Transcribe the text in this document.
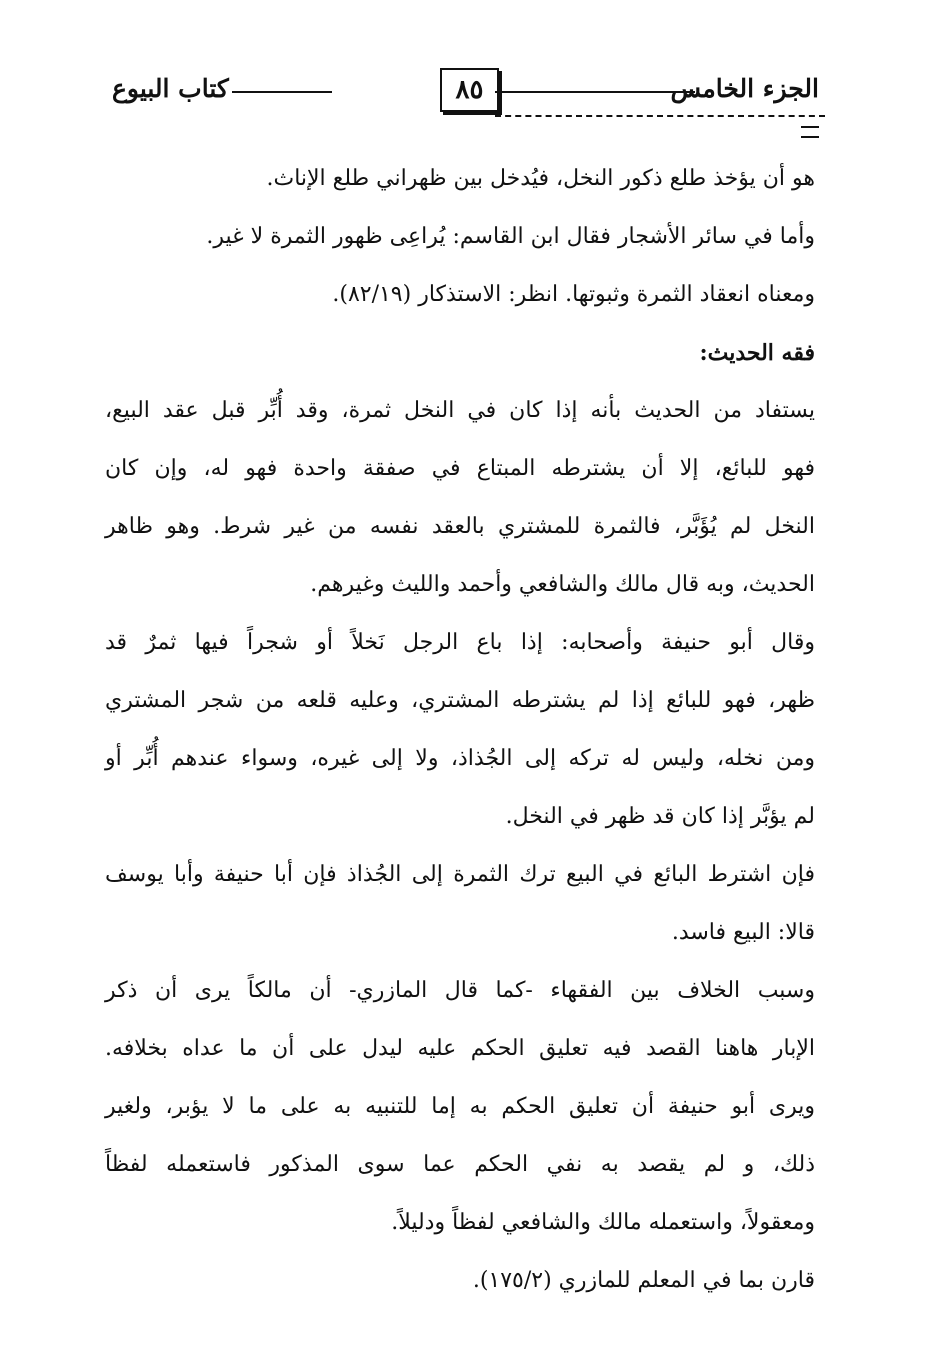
الجزء الخامس
٨٥
كتاب البيوع
هو أن يؤخذ طلع ذكور النخل، فيُدخل بين ظهراني طلع الإناث.
وأما في سائر الأشجار فقال ابن القاسم: يُراعِى ظهور الثمرة لا غير.
ومعناه انعقاد الثمرة وثبوتها. انظر: الاستذكار (٨٢/١٩).
فقه الحديث:
يستفاد من الحديث بأنه إذا كان في النخل ثمرة، وقد أُبِّر قبل عقد البيع،
فهو للبائع، إلا أن يشترطه المبتاع في صفقة واحدة فهو له، وإن كان
النخل لم يُؤَبَّر، فالثمرة للمشتري بالعقد نفسه من غير شرط. وهو ظاهر
الحديث، وبه قال مالك والشافعي وأحمد والليث وغيرهم.
وقال أبو حنيفة وأصحابه: إذا باع الرجل نَخلاً أو شجراً فيها ثمرٌ قد
ظهر، فهو للبائع إذا لم يشترطه المشتري، وعليه قلعه من شجر المشتري
ومن نخله، وليس له تركه إلى الجُذاذ، ولا إلى غيره، وسواء عندهم أُبِّر أو
لم يؤبَّر إذا كان قد ظهر في النخل.
فإن اشترط البائع في البيع ترك الثمرة إلى الجُذاذ فإن أبا حنيفة وأبا يوسف
قالا: البيع فاسد.
وسبب الخلاف بين الفقهاء -كما قال المازري- أن مالكاً يرى أن ذكر
الإبار هاهنا القصد فيه تعليق الحكم عليه ليدل على أن ما عداه بخلافه.
ويرى أبو حنيفة أن تعليق الحكم به إما للتنبيه به على ما لا يؤبر، ولغير
ذلك، و لم يقصد به نفي الحكم عما سوى المذكور فاستعمله لفظاً
ومعقولاً، واستعمله مالك والشافعي لفظاً ودليلاً.
قارن بما في المعلم للمازري (١٧٥/٢).
